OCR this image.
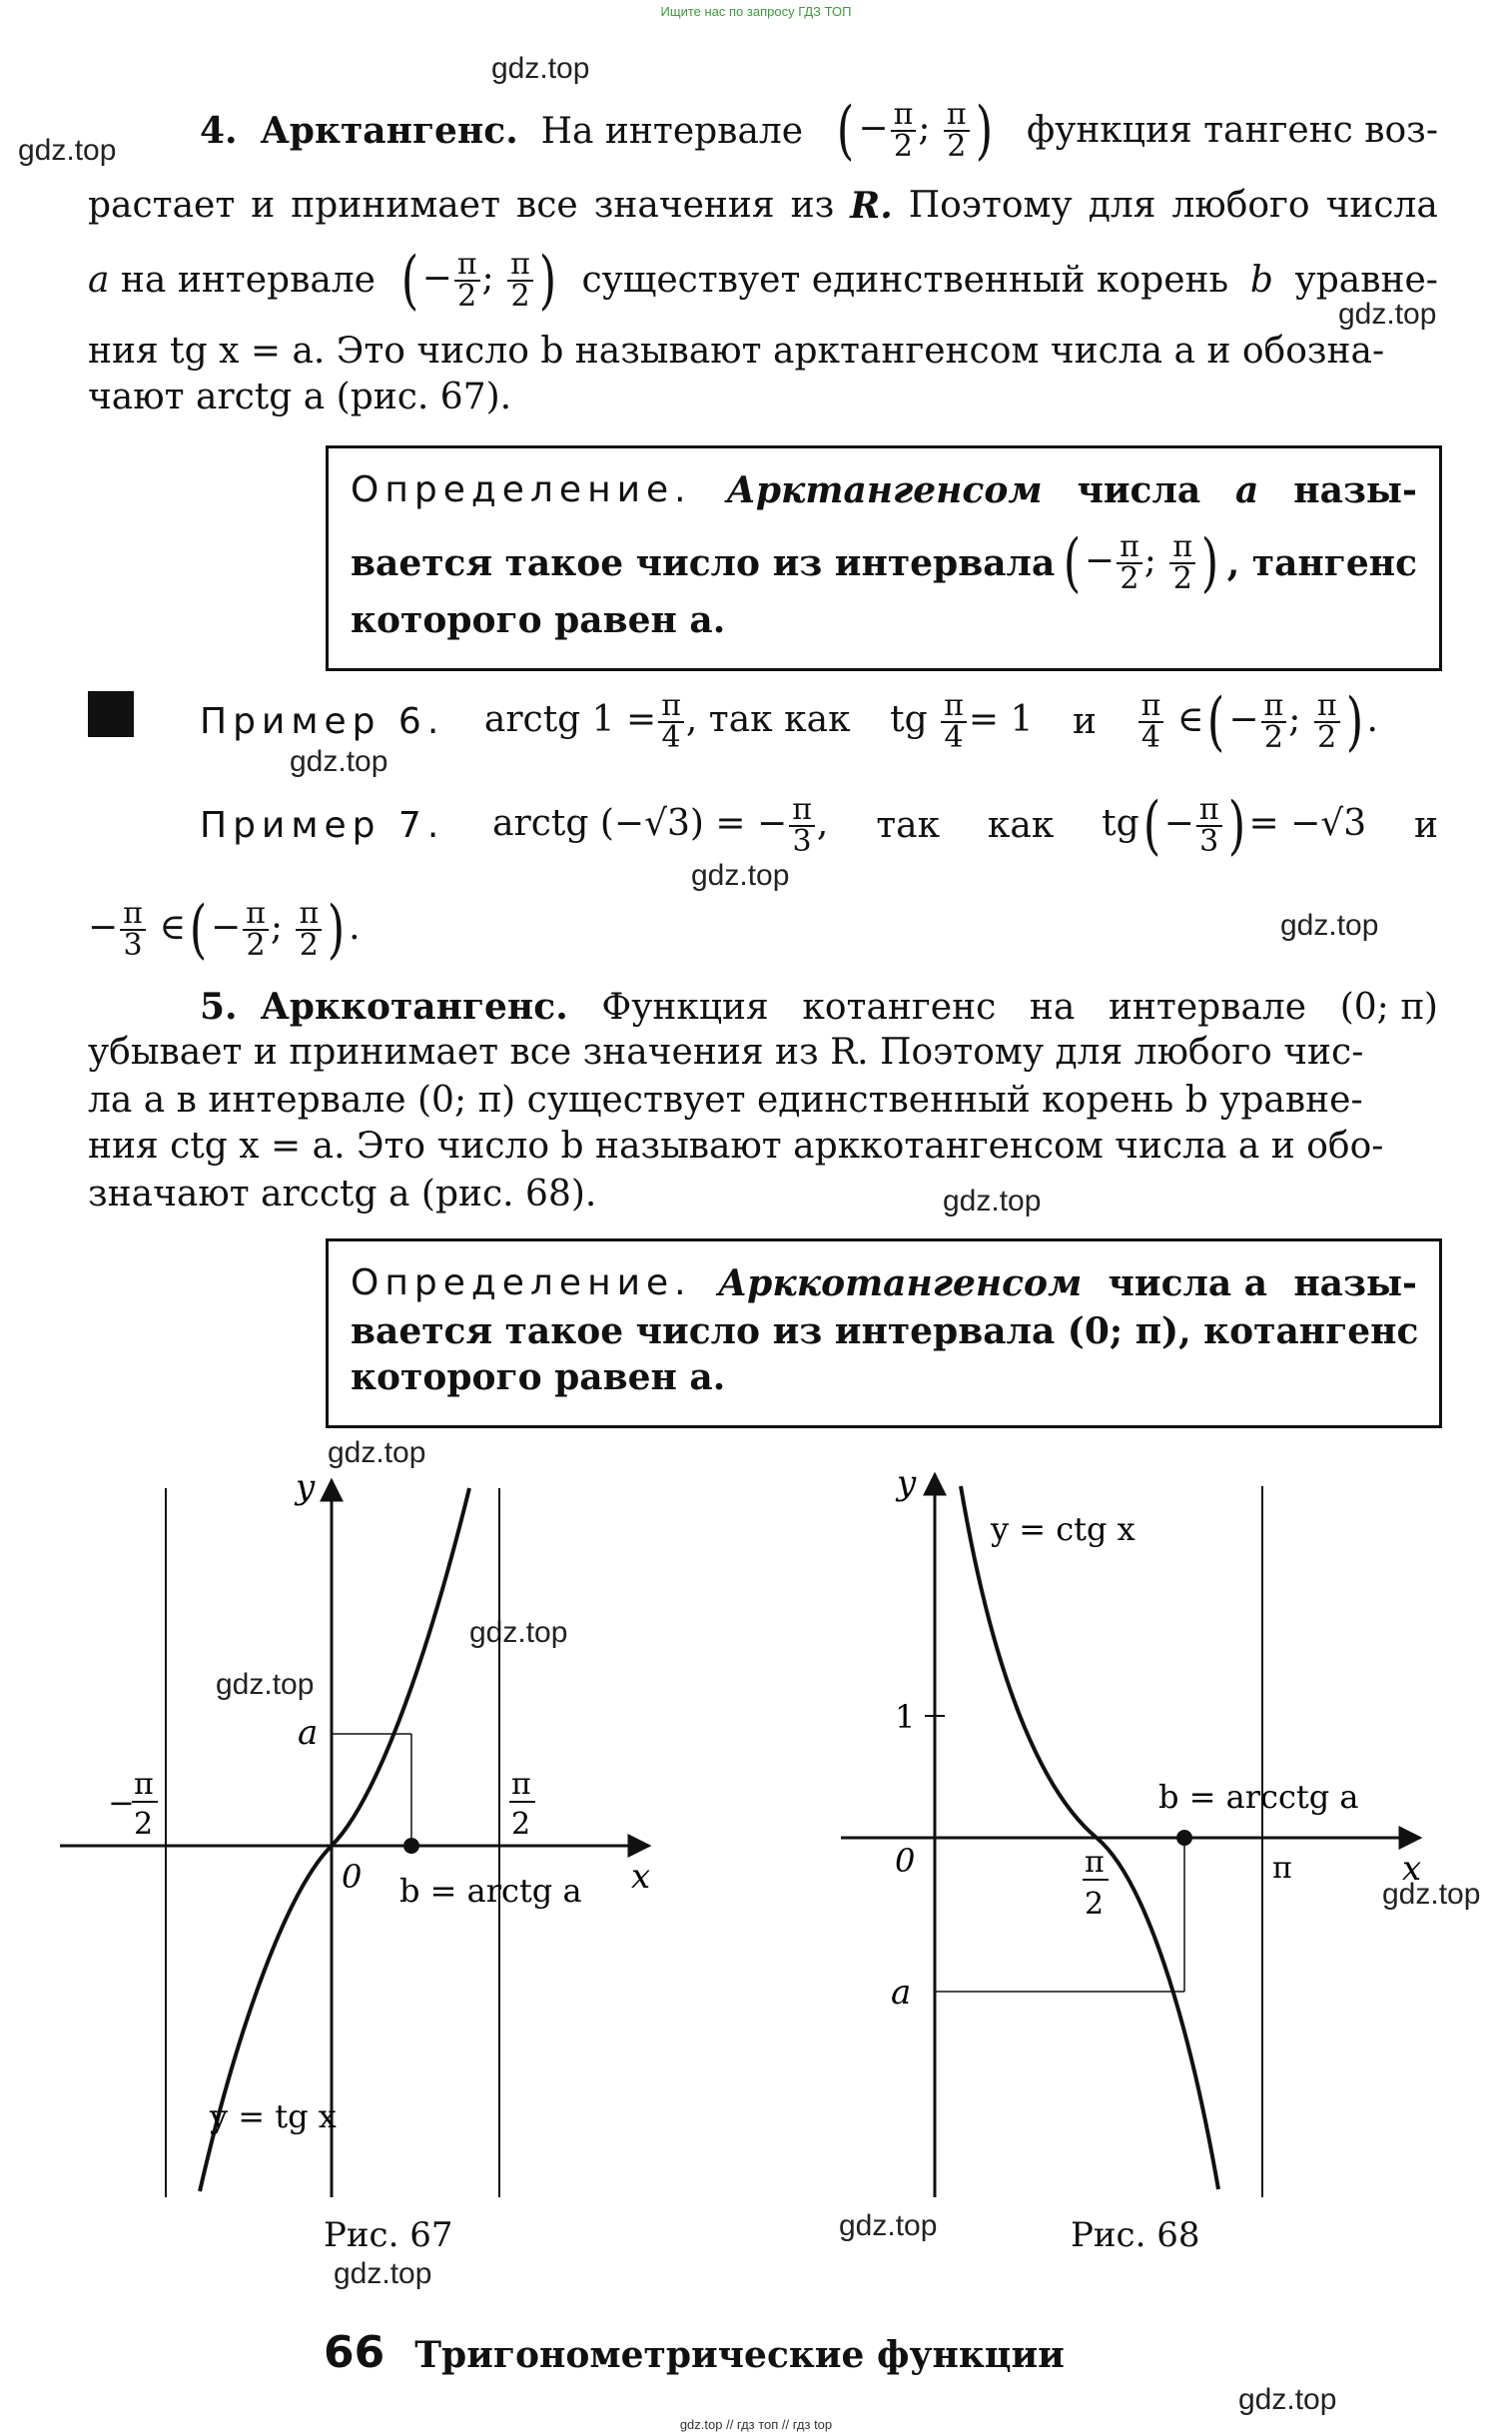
Ищите нас по запросу ГДЗ ТОП
gdz.top
gdz.top
gdz.top
gdz.top
gdz.top
gdz.top
gdz.top
gdz.top
gdz.top
gdz.top
gdz.top
gdz.top
gdz.top
gdz.top
4. Арктангенс. На интервале ( − $\frac{\pi}{2}$ ; $\frac{\pi}{2}$ ) функция тангенс воз-
растает и принимает все значения из R. Поэтому для любого числа
a на интервале ( − $\frac{\pi}{2}$ ; $\frac{\pi}{2}$ ) существует единственный корень b уравне-
ния tg x = a. Это число b называют арктангенсом числа a и обозна-
чают arctg a (рис. 67).
Определение. Арктангенсом числа a назы-
вается такое число из интервала ( − $\frac{\pi}{2}$ ; $\frac{\pi}{2}$ ) , тангенс
которого равен a.
Пример 6. arctg $1 = \frac{\pi}{4}$ , так как tg $\frac{\pi}{4} = 1$ и $\frac{\pi}{4}$ ∈( − $\frac{\pi}{2}$ ; $\frac{\pi}{2}$ ) .
Пример 7. arctg (−√3) = − $\frac{\pi}{3}$ , так как $tg( - \frac{\pi}{3}$ ) = −√3 и
− $\frac{\pi}{3}$ ∈( − $\frac{\pi}{2}$ ; $\frac{\pi}{2}$ ) .
5. Арккотангенс. Функция котангенс на интервале (0; π)
убывает и принимает все значения из R. Поэтому для любого чис-
ла a в интервале (0; π) существует единственный корень b уравне-
ния ctg x = a. Это число b называют арккотангенсом числа a и обо-
значают arcctg a (рис. 68).
Определение. Арккотангенсом числа a назы-
вается такое число из интервала (0; π), котангенс
которого равен a.
y
x
0
a
b = arctg a
y = tg x
− π
2
π
2
Рис. 67
y
x
0
1
a
b = arcctg a
y = ctg x
π
2
π
Рис. 68
66 Тригонометрические функции
gdz.top // гдз топ // гдз top
